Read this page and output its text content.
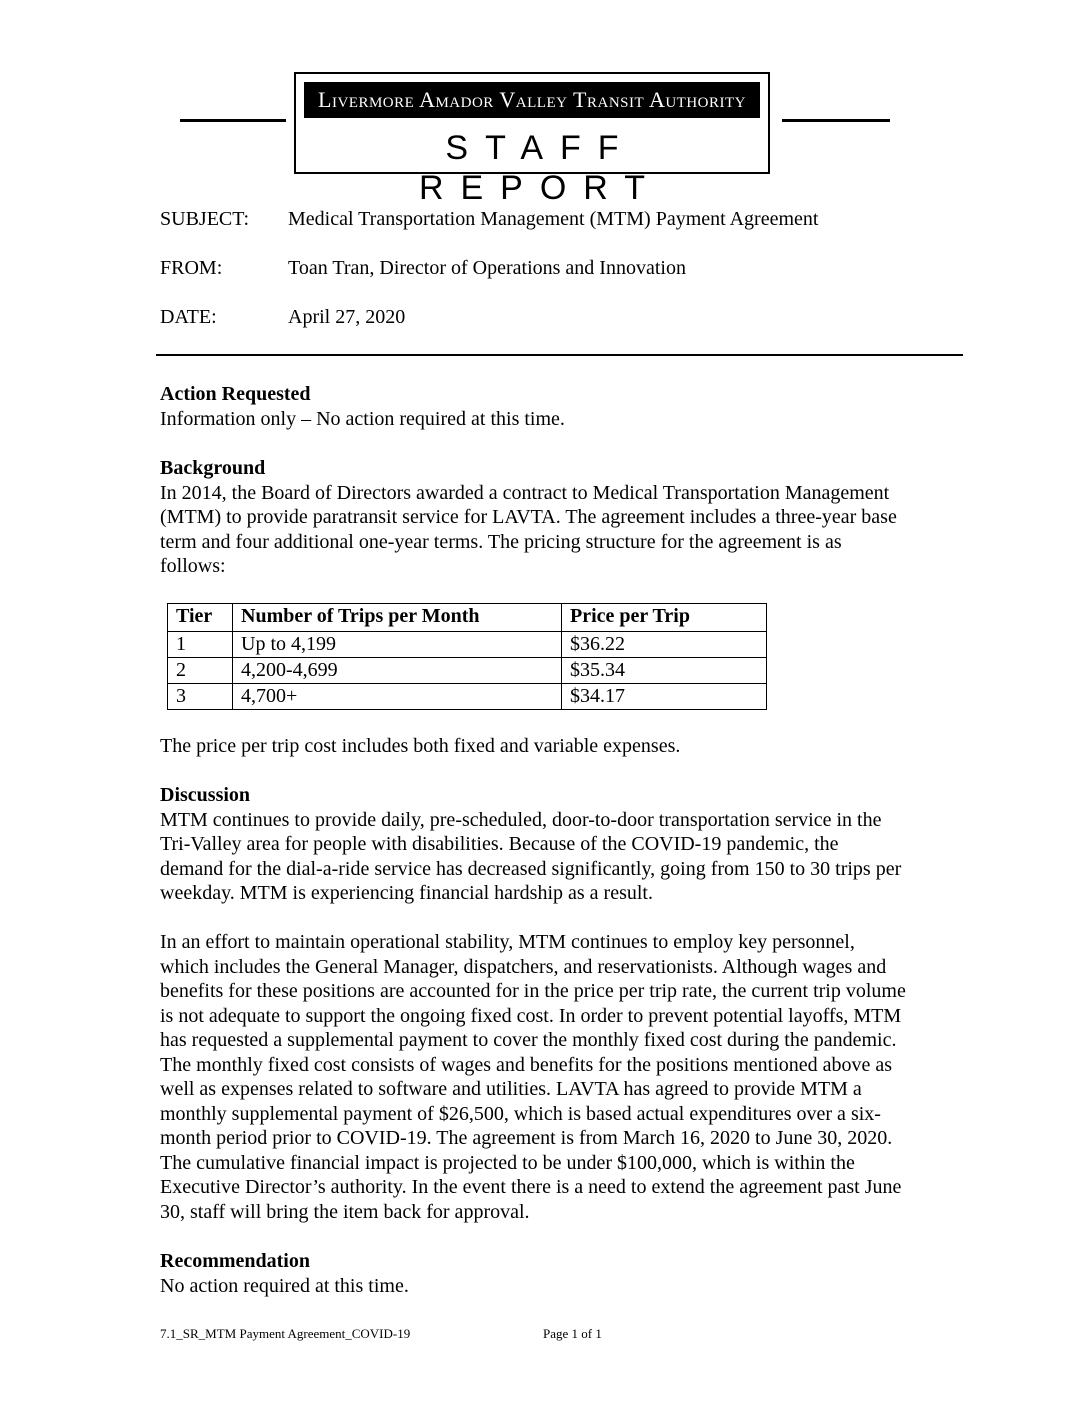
Livermore Amador Valley Transit Authority
STAFF REPORT
SUBJECT: Medical Transportation Management (MTM) Payment Agreement
FROM:	Toan Tran, Director of Operations and Innovation
DATE:	April 27, 2020
Action Requested
Information only – No action required at this time.
Background
In 2014, the Board of Directors awarded a contract to Medical Transportation Management
(MTM) to provide paratransit service for LAVTA. The agreement includes a three-year base
term and four additional one-year terms. The pricing structure for the agreement is as
follows:
Tier	Number of Trips per Month	Price per Trip
1	Up to 4,199	$36.22
2	4,200-4,699	$35.34
3	4,700+	$34.17
The price per trip cost includes both fixed and variable expenses.
Discussion
MTM continues to provide daily, pre-scheduled, door-to-door transportation service in the
Tri-Valley area for people with disabilities. Because of the COVID-19 pandemic, the
demand for the dial-a-ride service has decreased significantly, going from 150 to 30 trips per
weekday. MTM is experiencing financial hardship as a result.
In an effort to maintain operational stability, MTM continues to employ key personnel,
which includes the General Manager, dispatchers, and reservationists. Although wages and
benefits for these positions are accounted for in the price per trip rate, the current trip volume
is not adequate to support the ongoing fixed cost. In order to prevent potential layoffs, MTM
has requested a supplemental payment to cover the monthly fixed cost during the pandemic.
The monthly fixed cost consists of wages and benefits for the positions mentioned above as
well as expenses related to software and utilities. LAVTA has agreed to provide MTM a
monthly supplemental payment of $26,500, which is based actual expenditures over a six-
month period prior to COVID-19. The agreement is from March 16, 2020 to June 30, 2020.
The cumulative financial impact is projected to be under $100,000, which is within the
Executive Director’s authority. In the event there is a need to extend the agreement past June
30, staff will bring the item back for approval.
Recommendation
No action required at this time.
7.1_SR_MTM Payment Agreement_COVID-19	Page 1 of 1
